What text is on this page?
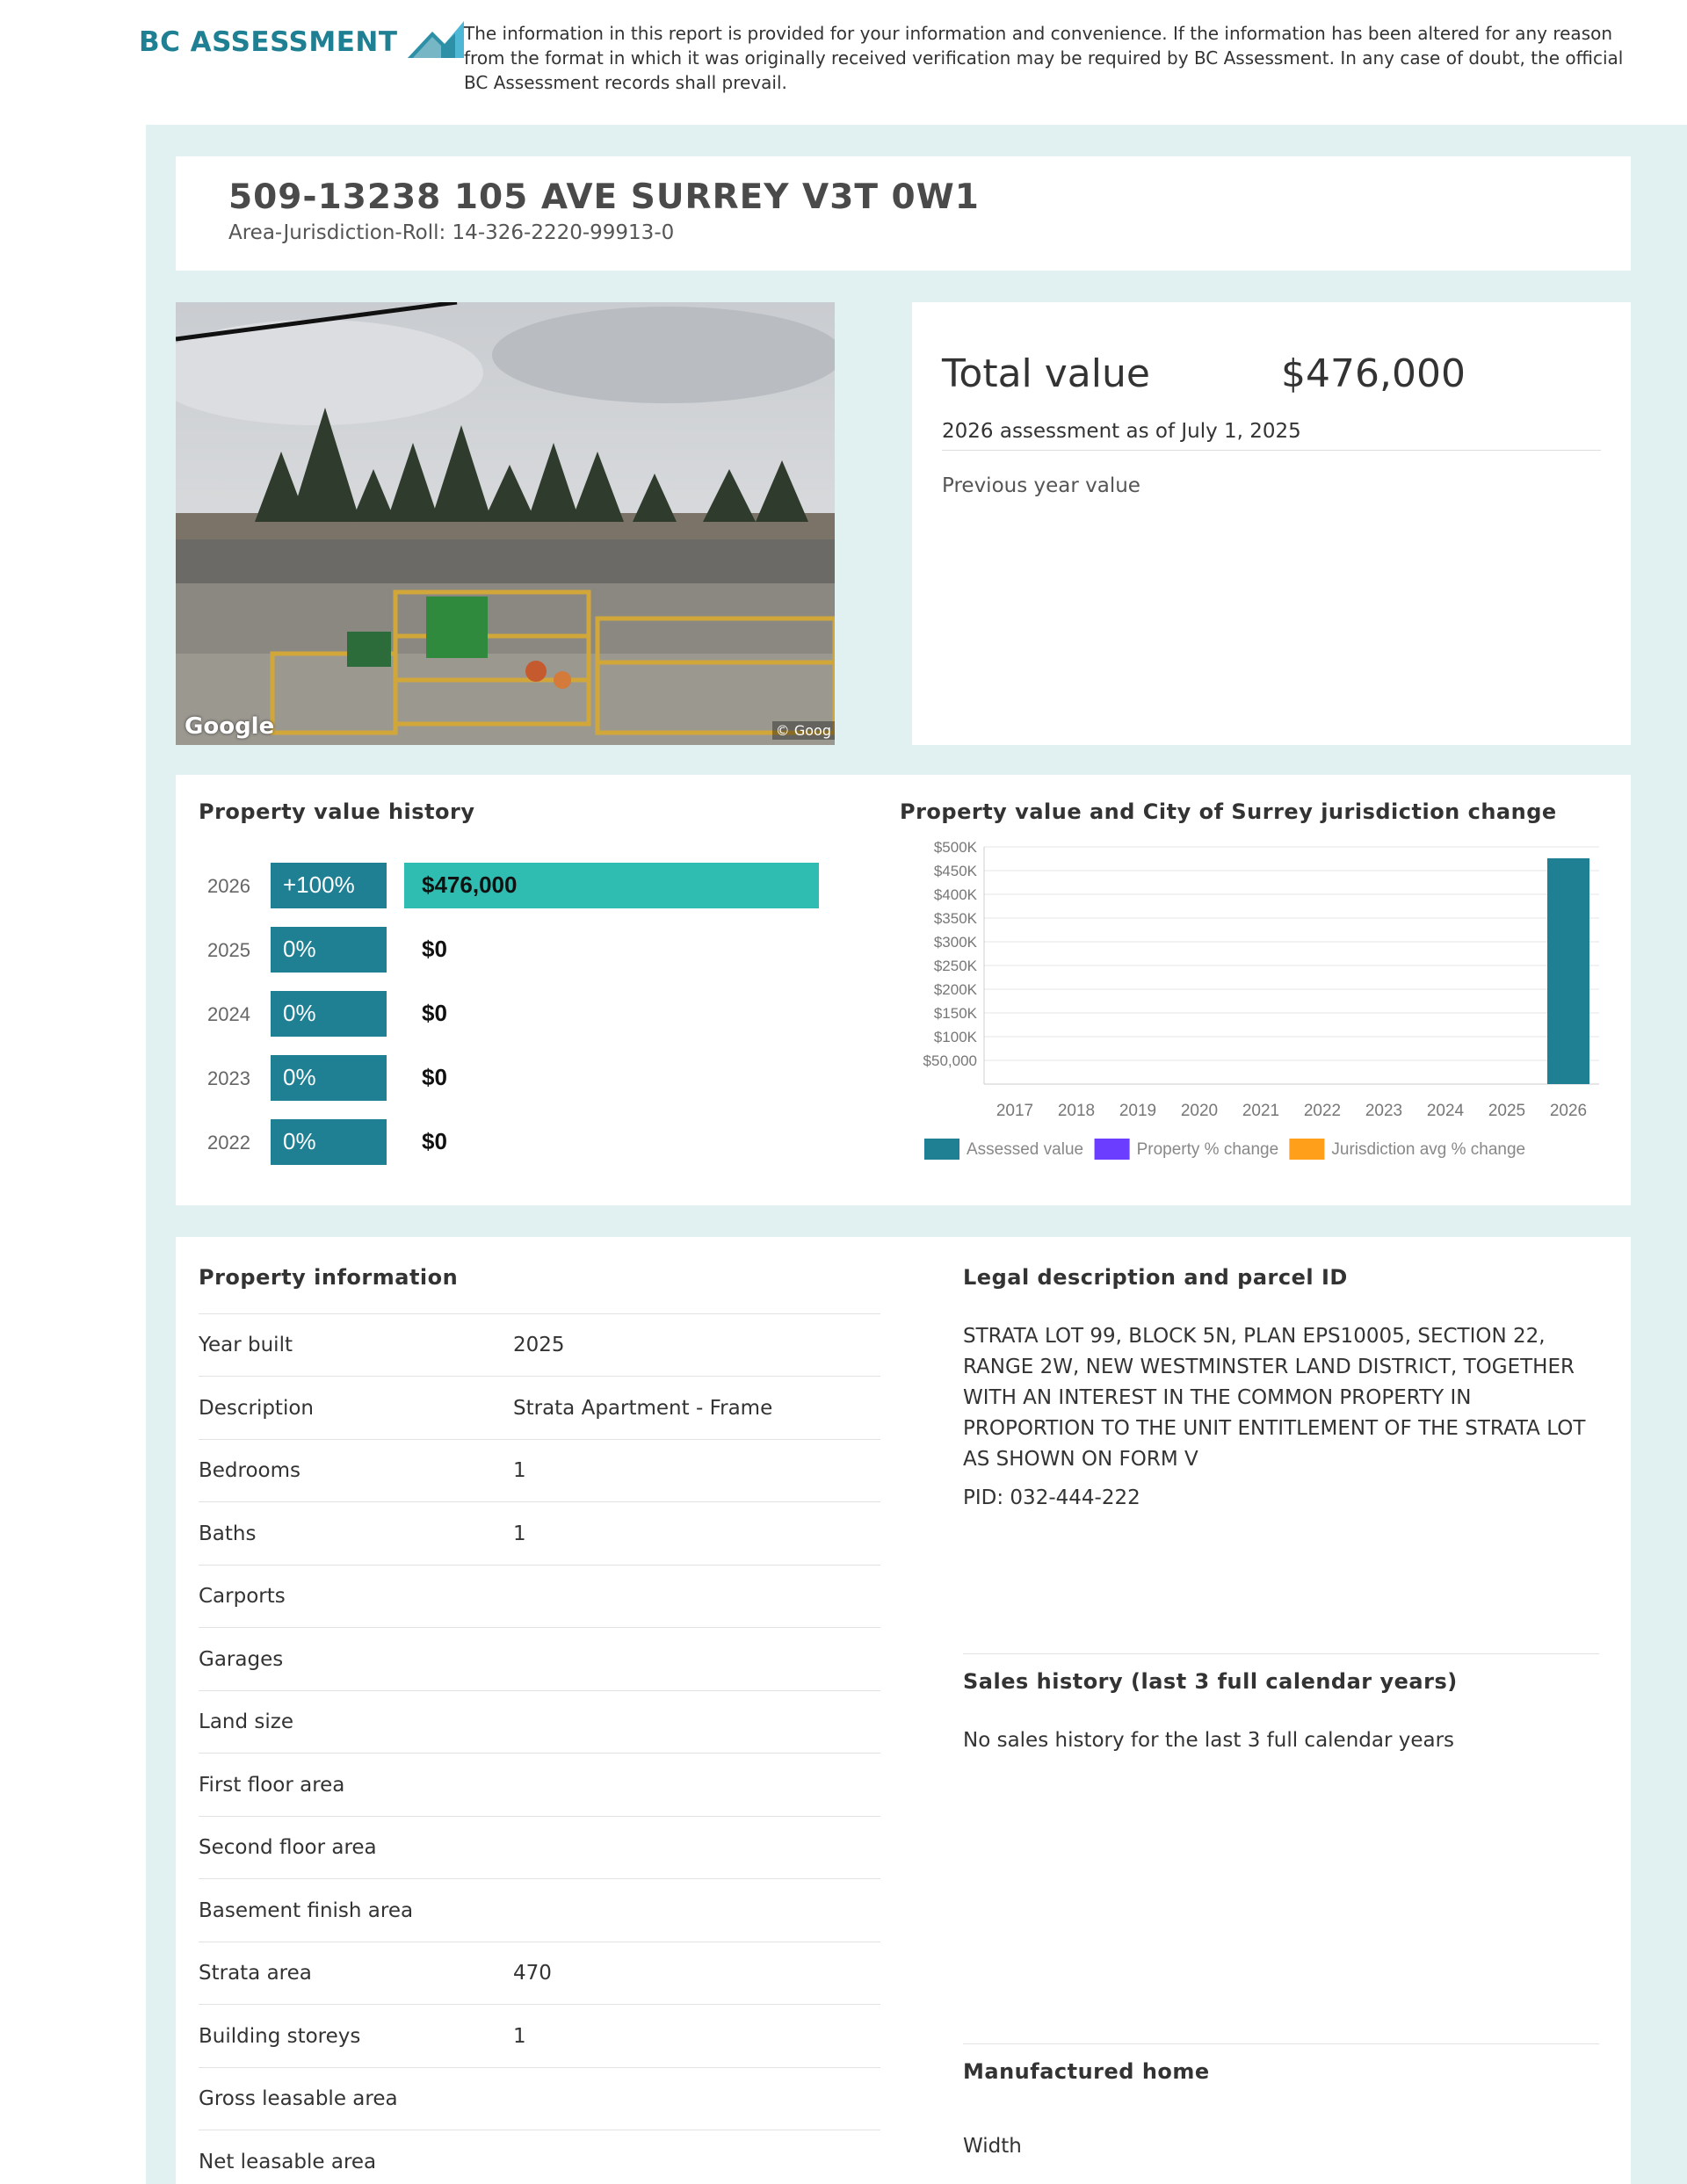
BC ASSESSMENT	The information in this report is provided for your information and convenience. If the information has been altered for any reason from the format in which it was originally received verification may be required by BC Assessment. In any case of doubt, the official BC Assessment records shall prevail.
509-13238 105 AVE SURREY V3T 0W1
Area-Jurisdiction-Roll: 14-326-2220-99913-0
Google	© Goog
Total value	$476,000
2026 assessment as of July 1, 2025
Previous year value
Property value history
2026	+100%	$476,000
2025	0%	$0
2024	0%	$0
2023	0%	$0
2022	0%	$0
Property value and City of Surrey jurisdiction change
$500K
$450K
$400K
$350K
$300K
$250K
$200K
$150K
$100K
$50,000
2017 2018 2019 2020 2021 2022 2023 2024 2025 2026
Assessed value	Property % change	Jurisdiction avg % change
Property information
Year built	2025
Description	Strata Apartment - Frame
Bedrooms	1
Baths	1
Carports
Garages
Land size
First floor area
Second floor area
Basement finish area
Strata area	470
Building storeys	1
Gross leasable area
Net leasable area
Legal description and parcel ID
STRATA LOT 99, BLOCK 5N, PLAN EPS10005, SECTION 22, RANGE 2W, NEW WESTMINSTER LAND DISTRICT, TOGETHER WITH AN INTEREST IN THE COMMON PROPERTY IN PROPORTION TO THE UNIT ENTITLEMENT OF THE STRATA LOT AS SHOWN ON FORM V
PID: 032-444-222
Sales history (last 3 full calendar years)
No sales history for the last 3 full calendar years
Manufactured home
Width
